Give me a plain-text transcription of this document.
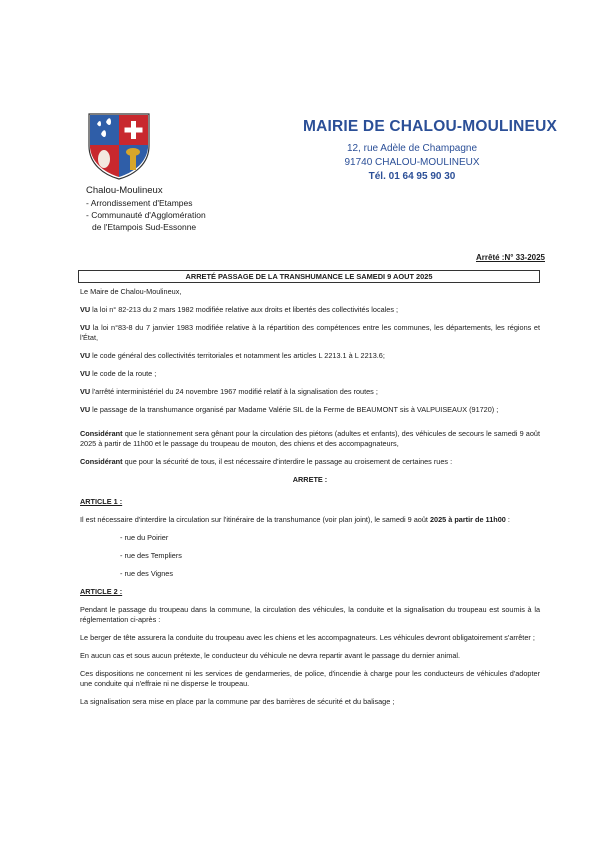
MAIRIE DE CHALOU-MOULINEUX
12, rue Adèle de Champagne
91740 CHALOU-MOULINEUX
Tél. 01 64 95 90 30
Chalou-Moulineux
- Arrondissement d'Etampes
- Communauté d'Agglomération
de l'Etampois Sud-Essonne
Arrêté :N° 33-2025
ARRETÉ PASSAGE DE LA TRANSHUMANCE LE SAMEDI 9 AOUT 2025

Le Maire de Chalou-Moulineux,

VU la loi n° 82-213 du 2 mars 1982 modifiée relative aux droits et libertés des collectivités locales ;

VU la loi n°83-8 du 7 janvier 1983 modifiée relative à la répartition des compétences entre les communes, les départements, les régions et l'État,

VU le code général des collectivités territoriales et notamment les articles L 2213.1 à L 2213.6;

VU le code de la route ;

VU l'arrêté interministériel du 24 novembre 1967 modifié relatif à la signalisation des routes ;

VU le passage de la transhumance organisé par Madame Valérie SIL de la Ferme de BEAUMONT sis à VALPUISEAUX (91720) ;

Considérant que le stationnement sera gênant pour la circulation des piétons (adultes et enfants), des véhicules de secours le samedi 9 août 2025 à partir de 11h00 et le passage du troupeau de mouton, des chiens et des accompagnateurs,

Considérant que pour la sécurité de tous, il est nécessaire d'interdire le passage au croisement de certaines rues :

ARRETE :
ARTICLE 1 :

Il est nécessaire d'interdire la circulation sur l'itinéraire de la transhumance (voir plan joint), le samedi 9 août 2025 à partir de 11h00 :

- rue du Poirier
- rue des Templiers
- rue des Vignes
ARTICLE 2 :

Pendant le passage du troupeau dans la commune, la circulation des véhicules, la conduite et la signalisation du troupeau est soumis à la réglementation ci-après :

Le berger de tête assurera la conduite du troupeau avec les chiens et les accompagnateurs. Les véhicules devront obligatoirement s'arrêter ;

En aucun cas et sous aucun prétexte, le conducteur du véhicule ne devra repartir avant le passage du dernier animal.

Ces dispositions ne concernent ni les services de gendarmeries, de police, d'incendie à charge pour les conducteurs de véhicules d'adopter une conduite qui n'effraie ni ne disperse le troupeau.

La signalisation sera mise en place par la commune par des barrières de sécurité et du balisage ;
